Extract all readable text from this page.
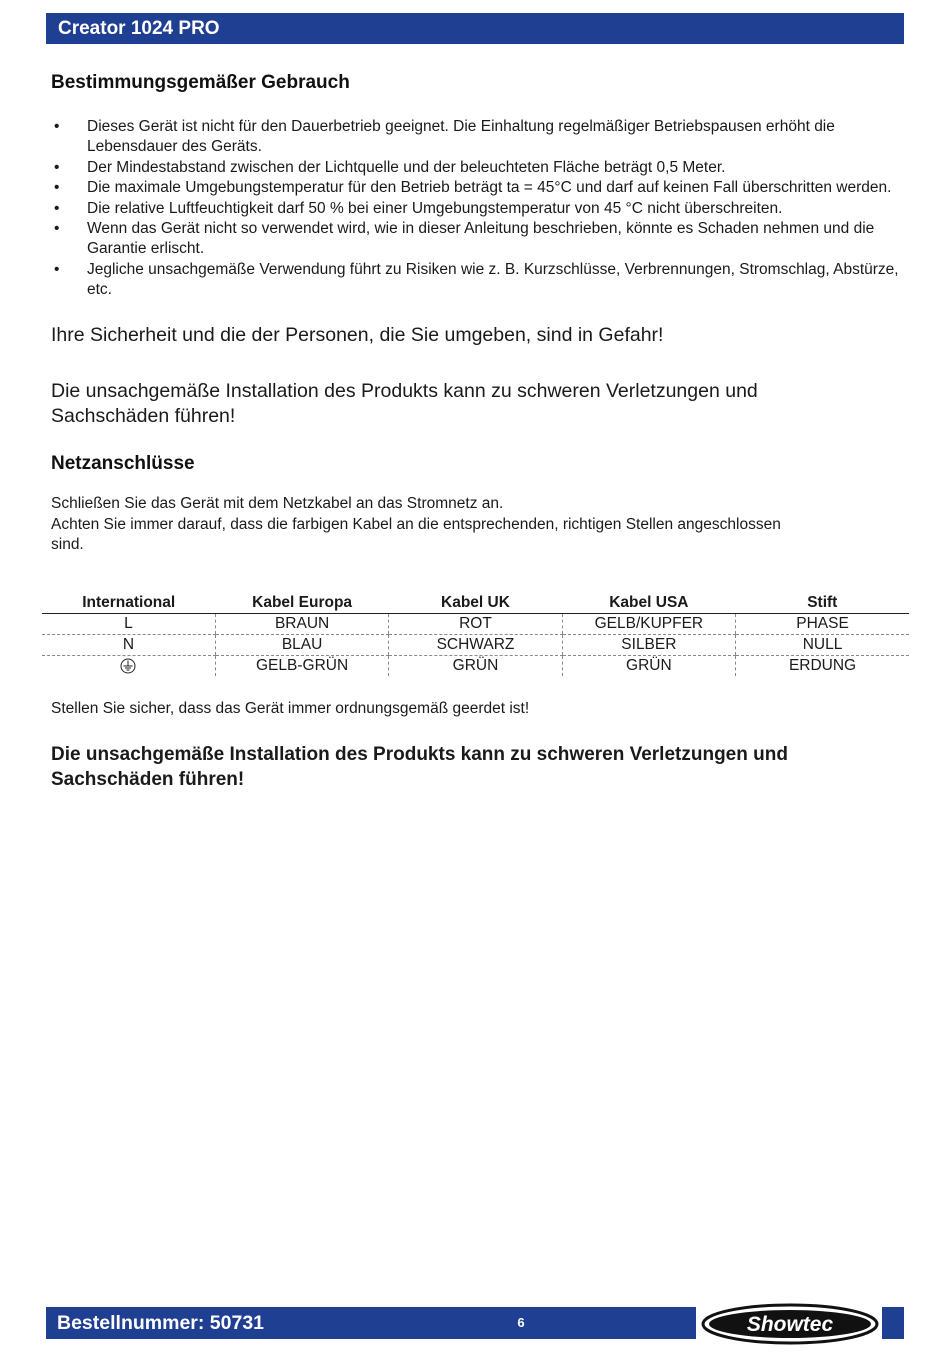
Creator 1024 PRO
Bestimmungsgemäßer Gebrauch
• Dieses Gerät ist nicht für den Dauerbetrieb geeignet. Die Einhaltung regelmäßiger Betriebspausen erhöht die Lebensdauer des Geräts.
• Der Mindestabstand zwischen der Lichtquelle und der beleuchteten Fläche beträgt 0,5 Meter.
• Die maximale Umgebungstemperatur für den Betrieb beträgt ta = 45°C und darf auf keinen Fall überschritten werden.
• Die relative Luftfeuchtigkeit darf 50 % bei einer Umgebungstemperatur von 45 °C nicht überschreiten.
• Wenn das Gerät nicht so verwendet wird, wie in dieser Anleitung beschrieben, könnte es Schaden nehmen und die Garantie erlischt.
• Jegliche unsachgemäße Verwendung führt zu Risiken wie z. B. Kurzschlüsse, Verbrennungen, Stromschlag, Abstürze, etc.

Ihre Sicherheit und die der Personen, die Sie umgeben, sind in Gefahr!

Die unsachgemäße Installation des Produkts kann zu schweren Verletzungen und Sachschäden führen!

Netzanschlüsse

Schließen Sie das Gerät mit dem Netzkabel an das Stromnetz an.

Achten Sie immer darauf, dass die farbigen Kabel an die entsprechenden, richtigen Stellen angeschlossen sind.

International	Kabel Europa	Kabel UK	Kabel USA	Stift
L	BRAUN	ROT	GELB/KUPFER	PHASE
N	BLAU	SCHWARZ	SILBER	NULL
	GELB-GRÜN	GRÜN	GRÜN	ERDUNG

Stellen Sie sicher, dass das Gerät immer ordnungsgemäß geerdet ist!

Die unsachgemäße Installation des Produkts kann zu schweren Verletzungen und Sachschäden führen!

Bestellnummer: 50731	6	Showtec
